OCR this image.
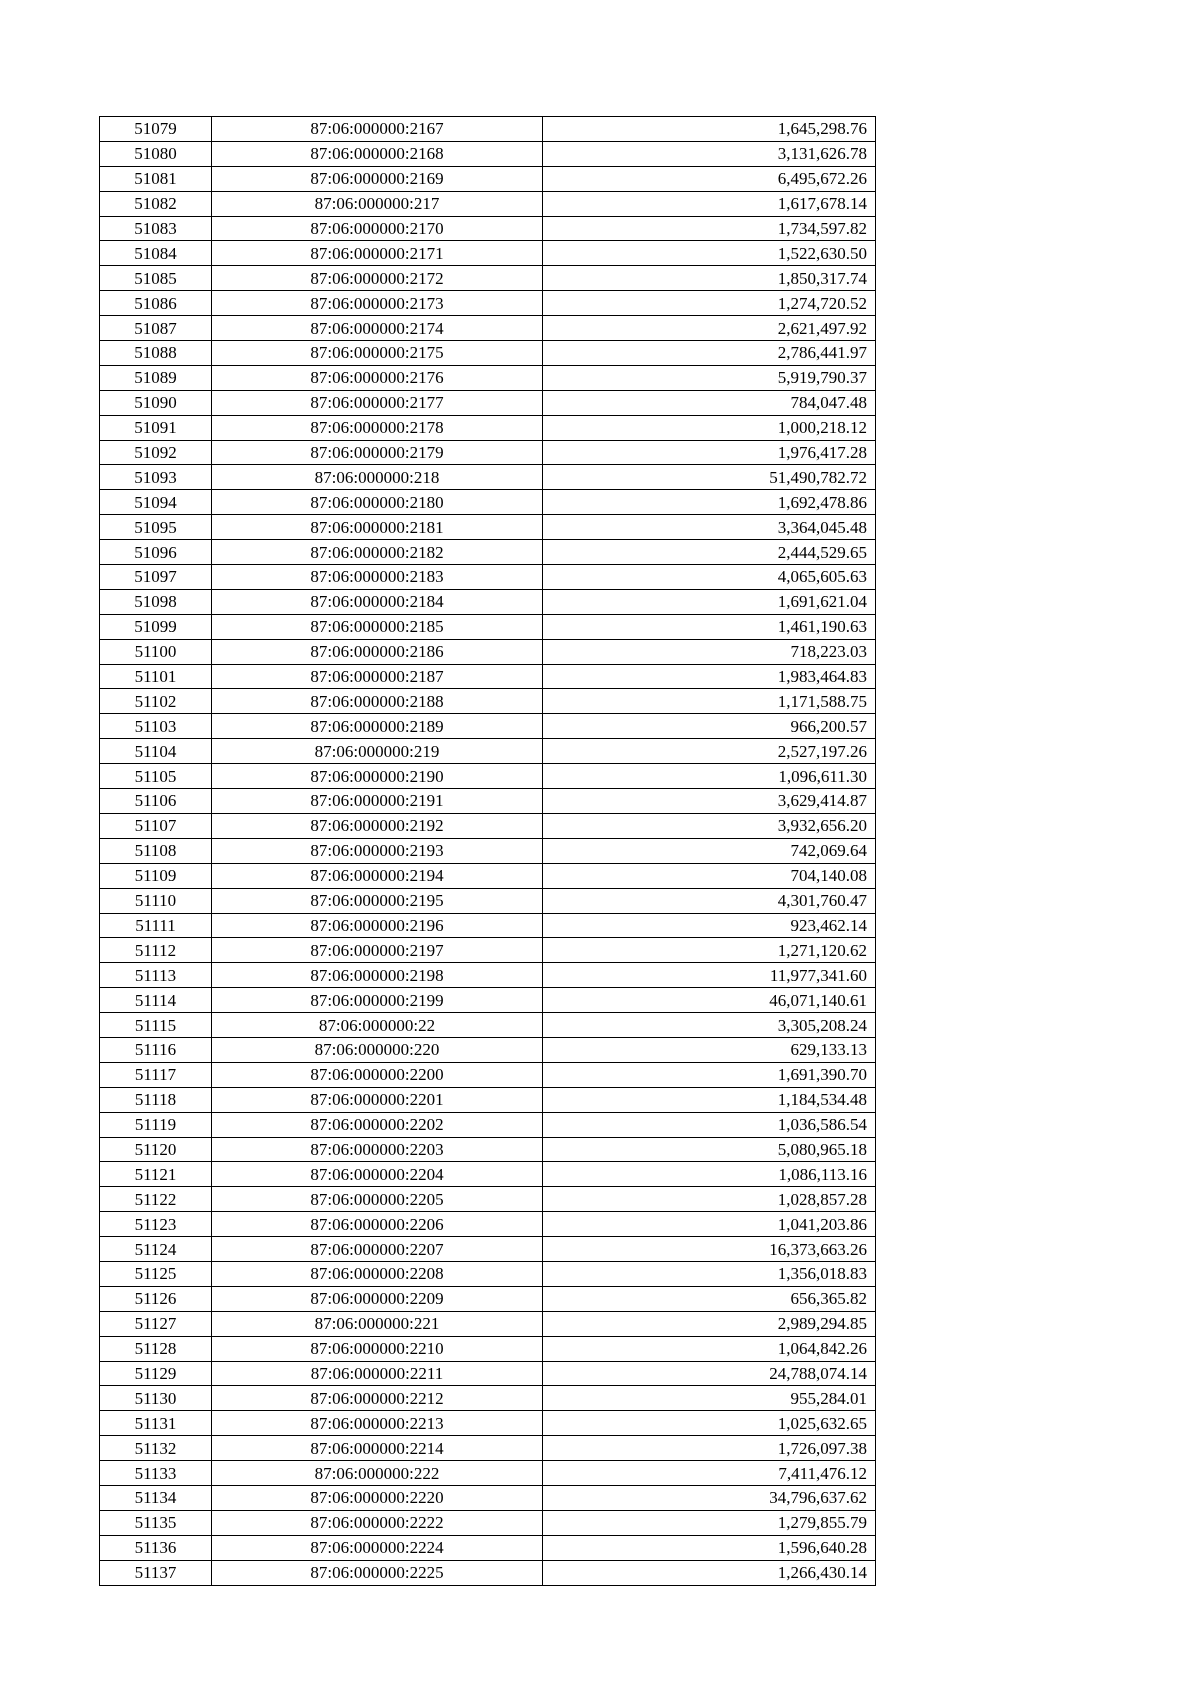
51079	87:06:000000:2167	1,645,298.76
51080	87:06:000000:2168	3,131,626.78
51081	87:06:000000:2169	6,495,672.26
51082	87:06:000000:217	1,617,678.14
51083	87:06:000000:2170	1,734,597.82
51084	87:06:000000:2171	1,522,630.50
51085	87:06:000000:2172	1,850,317.74
51086	87:06:000000:2173	1,274,720.52
51087	87:06:000000:2174	2,621,497.92
51088	87:06:000000:2175	2,786,441.97
51089	87:06:000000:2176	5,919,790.37
51090	87:06:000000:2177	784,047.48
51091	87:06:000000:2178	1,000,218.12
51092	87:06:000000:2179	1,976,417.28
51093	87:06:000000:218	51,490,782.72
51094	87:06:000000:2180	1,692,478.86
51095	87:06:000000:2181	3,364,045.48
51096	87:06:000000:2182	2,444,529.65
51097	87:06:000000:2183	4,065,605.63
51098	87:06:000000:2184	1,691,621.04
51099	87:06:000000:2185	1,461,190.63
51100	87:06:000000:2186	718,223.03
51101	87:06:000000:2187	1,983,464.83
51102	87:06:000000:2188	1,171,588.75
51103	87:06:000000:2189	966,200.57
51104	87:06:000000:219	2,527,197.26
51105	87:06:000000:2190	1,096,611.30
51106	87:06:000000:2191	3,629,414.87
51107	87:06:000000:2192	3,932,656.20
51108	87:06:000000:2193	742,069.64
51109	87:06:000000:2194	704,140.08
51110	87:06:000000:2195	4,301,760.47
51111	87:06:000000:2196	923,462.14
51112	87:06:000000:2197	1,271,120.62
51113	87:06:000000:2198	11,977,341.60
51114	87:06:000000:2199	46,071,140.61
51115	87:06:000000:22	3,305,208.24
51116	87:06:000000:220	629,133.13
51117	87:06:000000:2200	1,691,390.70
51118	87:06:000000:2201	1,184,534.48
51119	87:06:000000:2202	1,036,586.54
51120	87:06:000000:2203	5,080,965.18
51121	87:06:000000:2204	1,086,113.16
51122	87:06:000000:2205	1,028,857.28
51123	87:06:000000:2206	1,041,203.86
51124	87:06:000000:2207	16,373,663.26
51125	87:06:000000:2208	1,356,018.83
51126	87:06:000000:2209	656,365.82
51127	87:06:000000:221	2,989,294.85
51128	87:06:000000:2210	1,064,842.26
51129	87:06:000000:2211	24,788,074.14
51130	87:06:000000:2212	955,284.01
51131	87:06:000000:2213	1,025,632.65
51132	87:06:000000:2214	1,726,097.38
51133	87:06:000000:222	7,411,476.12
51134	87:06:000000:2220	34,796,637.62
51135	87:06:000000:2222	1,279,855.79
51136	87:06:000000:2224	1,596,640.28
51137	87:06:000000:2225	1,266,430.14
